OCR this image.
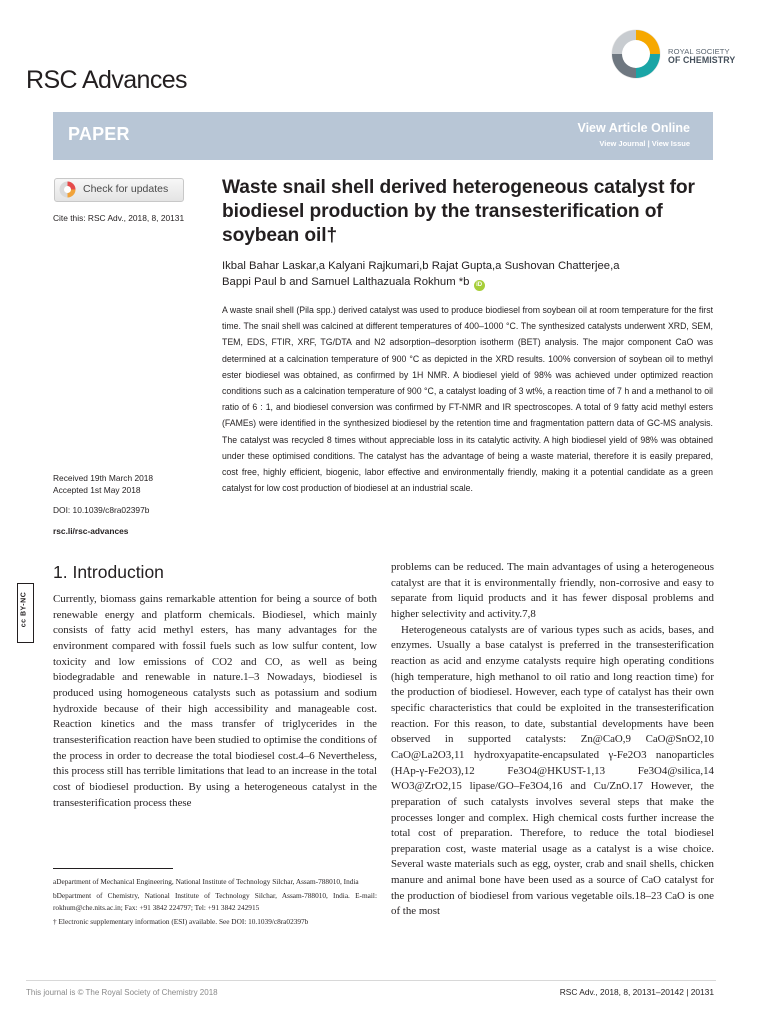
RSC Advances
ROYAL SOCIETY
OF CHEMISTRY
PAPER	View Article Online
View Journal | View Issue
Check for updates
Cite this: RSC Adv., 2018, 8, 20131
Received 19th March 2018
Accepted 1st May 2018
DOI: 10.1039/c8ra02397b
rsc.li/rsc-advances
Waste snail shell derived heterogeneous catalyst for biodiesel production by the transesterification of soybean oil†
Ikbal Bahar Laskar,a Kalyani Rajkumari,b Rajat Gupta,a Sushovan Chatterjee,a
Bappi Paul b and Samuel Lalthazuala Rokhum *b iD
A waste snail shell (Pila spp.) derived catalyst was used to produce biodiesel from soybean oil at room temperature for the first time. The snail shell was calcined at different temperatures of 400–1000 °C. The synthesized catalysts underwent XRD, SEM, TEM, EDS, FTIR, XRF, TG/DTA and N2 adsorption–desorption isotherm (BET) analysis. The major component CaO was determined at a calcination temperature of 900 °C as depicted in the XRD results. 100% conversion of soybean oil to methyl ester biodiesel was obtained, as confirmed by 1H NMR. A biodiesel yield of 98% was achieved under optimized reaction conditions such as a calcination temperature of 900 °C, a catalyst loading of 3 wt%, a reaction time of 7 h and a methanol to oil ratio of 6 : 1, and biodiesel conversion was confirmed by FT-NMR and IR spectroscopes. A total of 9 fatty acid methyl esters (FAMEs) were identified in the synthesized biodiesel by the retention time and fragmentation pattern data of GC-MS analysis. The catalyst was recycled 8 times without appreciable loss in its catalytic activity. A high biodiesel yield of 98% was obtained under these optimised conditions. The catalyst has the advantage of being a waste material, therefore it is easily prepared, cost free, highly efficient, biogenic, labor effective and environmentally friendly, making it a potential candidate as a green catalyst for low cost production of biodiesel at an industrial scale.
cc BY-NC
1. Introduction

Currently, biomass gains remarkable attention for being a source of both renewable energy and platform chemicals. Biodiesel, which mainly consists of fatty acid methyl esters, has many advantages for the environment compared with fossil fuels such as low sulfur content, low toxicity and low emissions of CO2 and CO, as well as being biodegradable and renewable in nature.1–3 Nowadays, biodiesel is produced using homogeneous catalysts such as potassium and sodium hydroxide because of their high accessibility and manageable cost. Reaction kinetics and the mass transfer of triglycerides in the transesterification reaction have been studied to optimise the conditions of the process in order to decrease the total biodiesel cost.4–6 Nevertheless, this process still has terrible limitations that lead to an increase in the total cost of biodiesel production. By using a heterogeneous catalyst in the transesterification process these

problems can be reduced. The main advantages of using a heterogeneous catalyst are that it is environmentally friendly, non-corrosive and easy to separate from liquid products and it has fewer disposal problems and higher selectivity and activity.7,8

Heterogeneous catalysts are of various types such as acids, bases, and enzymes. Usually a base catalyst is preferred in the transesterification reaction as acid and enzyme catalysts require high operating conditions (high temperature, high methanol to oil ratio and long reaction time) for the production of biodiesel. However, each type of catalyst has their own specific characteristics that could be exploited in the transesterification reaction. For this reason, to date, substantial developments have been observed in supported catalysts: Zn@CaO,9 CaO@SnO2,10 CaO@La2O3,11 hydroxyapatite-encapsulated γ-Fe2O3 nanoparticles (HAp-γ-Fe2O3),12 Fe3O4@HKUST-1,13 Fe3O4@silica,14 WO3@ZrO2,15 lipase/GO–Fe3O4,16 and Cu/ZnO.17 However, the preparation of such catalysts involves several steps that make the processes longer and complex. High chemical costs further increase the total cost of preparation. Therefore, to reduce the total biodiesel preparation cost, waste material usage as a catalyst is a wise choice. Several waste materials such as egg, oyster, crab and snail shells, chicken manure and animal bone have been used as a source of CaO catalyst for the production of biodiesel from various vegetable oils.18–23 CaO is one of the most

aDepartment of Mechanical Engineering, National Institute of Technology Silchar, Assam-788010, India

bDepartment of Chemistry, National Institute of Technology Silchar, Assam-788010, India. E-mail: rokhum@che.nits.ac.in; Fax: +91 3842 224797; Tel: +91 3842 242915

† Electronic supplementary information (ESI) available. See DOI: 10.1039/c8ra02397b

This journal is © The Royal Society of Chemistry 2018	RSC Adv., 2018, 8, 20131–20142 | 20131
